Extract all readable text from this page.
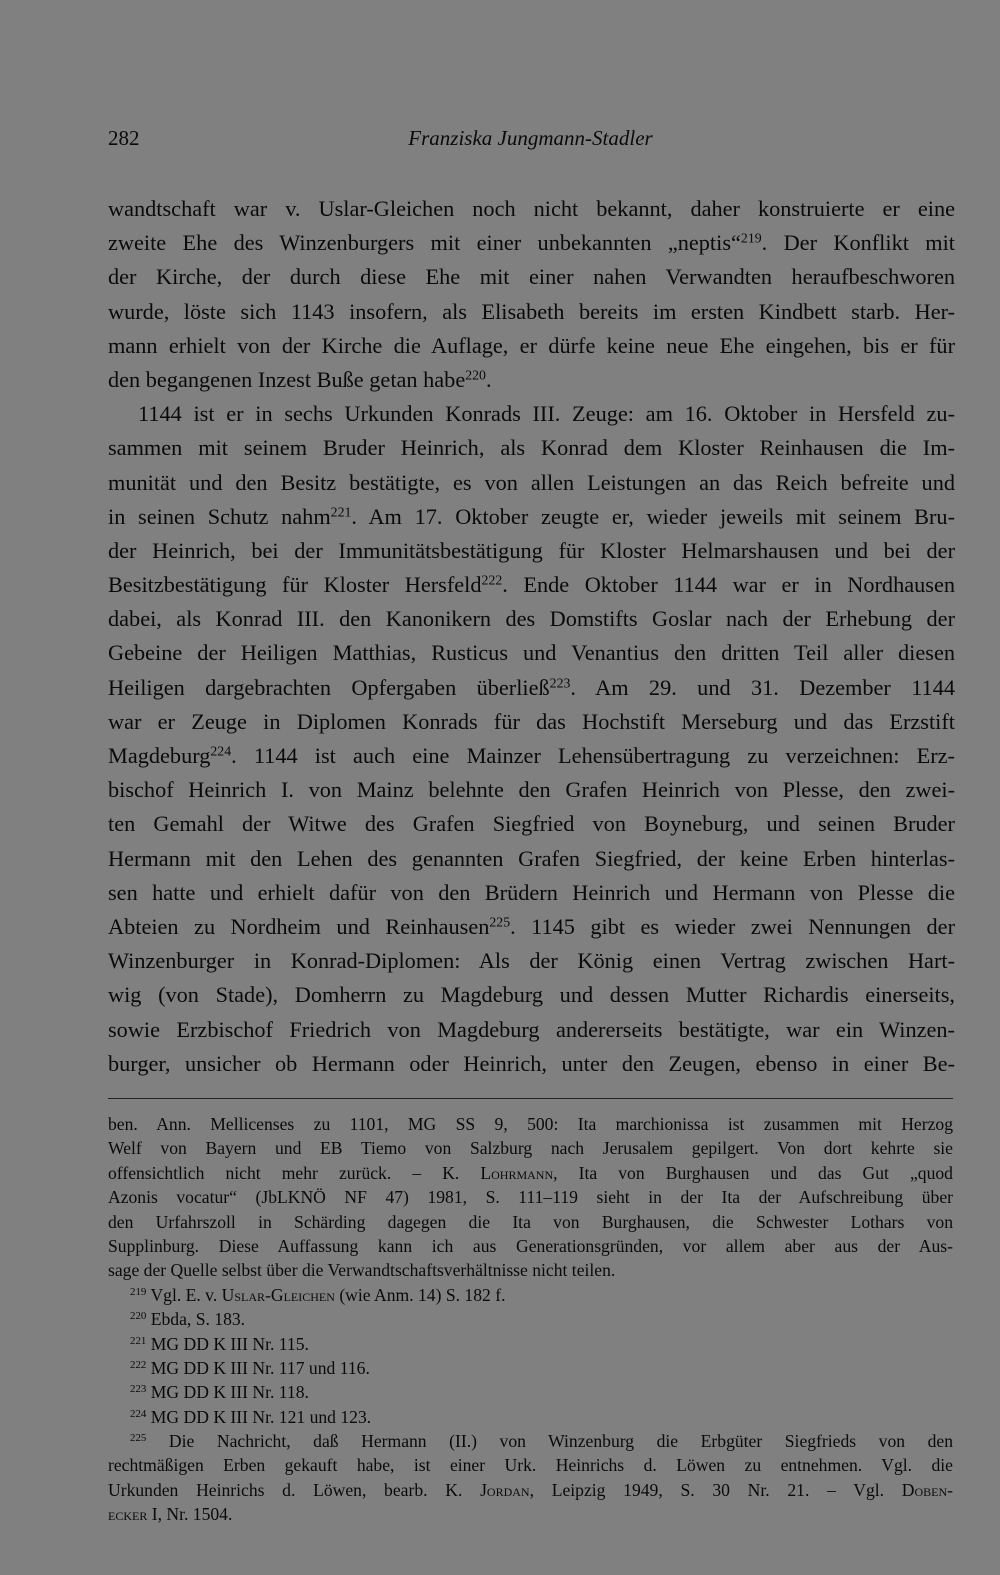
282	Franziska Jungmann-Stadler
wandtschaft war v. Uslar-Gleichen noch nicht bekannt, daher konstruierte er eine
zweite Ehe des Winzenburgers mit einer unbekannten „neptis“$^{219}$. Der Konflikt mit
der Kirche, der durch diese Ehe mit einer nahen Verwandten heraufbeschworen
wurde, löste sich 1143 insofern, als Elisabeth bereits im ersten Kindbett starb. Her-
mann erhielt von der Kirche die Auflage, er dürfe keine neue Ehe eingehen, bis er für
den begangenen Inzest Buße getan habe$^{220}$.
1144 ist er in sechs Urkunden Konrads III. Zeuge: am 16. Oktober in Hersfeld zu-
sammen mit seinem Bruder Heinrich, als Konrad dem Kloster Reinhausen die Im-
munität und den Besitz bestätigte, es von allen Leistungen an das Reich befreite und
in seinen Schutz nahm$^{221}$. Am 17. Oktober zeugte er, wieder jeweils mit seinem Bru-
der Heinrich, bei der Immunitätsbestätigung für Kloster Helmarshausen und bei der
Besitzbestätigung für Kloster Hersfeld$^{222}$. Ende Oktober 1144 war er in Nordhausen
dabei, als Konrad III. den Kanonikern des Domstifts Goslar nach der Erhebung der
Gebeine der Heiligen Matthias, Rusticus und Venantius den dritten Teil aller diesen
Heiligen dargebrachten Opfergaben überließ$^{223}$. Am 29. und 31. Dezember 1144
war er Zeuge in Diplomen Konrads für das Hochstift Merseburg und das Erzstift
Magdeburg$^{224}$. 1144 ist auch eine Mainzer Lehensübertragung zu verzeichnen: Erz-
bischof Heinrich I. von Mainz belehnte den Grafen Heinrich von Plesse, den zwei-
ten Gemahl der Witwe des Grafen Siegfried von Boyneburg, und seinen Bruder
Hermann mit den Lehen des genannten Grafen Siegfried, der keine Erben hinterlas-
sen hatte und erhielt dafür von den Brüdern Heinrich und Hermann von Plesse die
Abteien zu Nordheim und Reinhausen$^{225}$. 1145 gibt es wieder zwei Nennungen der
Winzenburger in Konrad-Diplomen: Als der König einen Vertrag zwischen Hart-
wig (von Stade), Domherrn zu Magdeburg und dessen Mutter Richardis einerseits,
sowie Erzbischof Friedrich von Magdeburg andererseits bestätigte, war ein Winzen-
burger, unsicher ob Hermann oder Heinrich, unter den Zeugen, ebenso in einer Be-
ben. Ann. Mellicenses zu 1101, MG SS 9, 500: Ita marchionissa ist zusammen mit Herzog
Welf von Bayern und EB Tiemo von Salzburg nach Jerusalem gepilgert. Von dort kehrte sie
offensichtlich nicht mehr zurück. – K. Lohrmann, Ita von Burghausen und das Gut „quod
Azonis vocatur“ (JbLKNÖ NF 47) 1981, S. 111–119 sieht in der Ita der Aufschreibung über
den Urfahrszoll in Schärding dagegen die Ita von Burghausen, die Schwester Lothars von
Supplinburg. Diese Auffassung kann ich aus Generationsgründen, vor allem aber aus der Aus-
sage der Quelle selbst über die Verwandtschaftsverhältnisse nicht teilen.
$^{219}$ Vgl. E. v. Uslar-Gleichen (wie Anm. 14) S. 182 f.
$^{220}$ Ebda, S. 183.
$^{221}$ MG DD K III Nr. 115.
$^{222}$ MG DD K III Nr. 117 und 116.
$^{223}$ MG DD K III Nr. 118.
$^{224}$ MG DD K III Nr. 121 und 123.
$^{225}$ Die Nachricht, daß Hermann (II.) von Winzenburg die Erbgüter Siegfrieds von den
rechtmäßigen Erben gekauft habe, ist einer Urk. Heinrichs d. Löwen zu entnehmen. Vgl. die
Urkunden Heinrichs d. Löwen, bearb. K. Jordan, Leipzig 1949, S. 30 Nr. 21. – Vgl. Doben-
ecker I, Nr. 1504.
